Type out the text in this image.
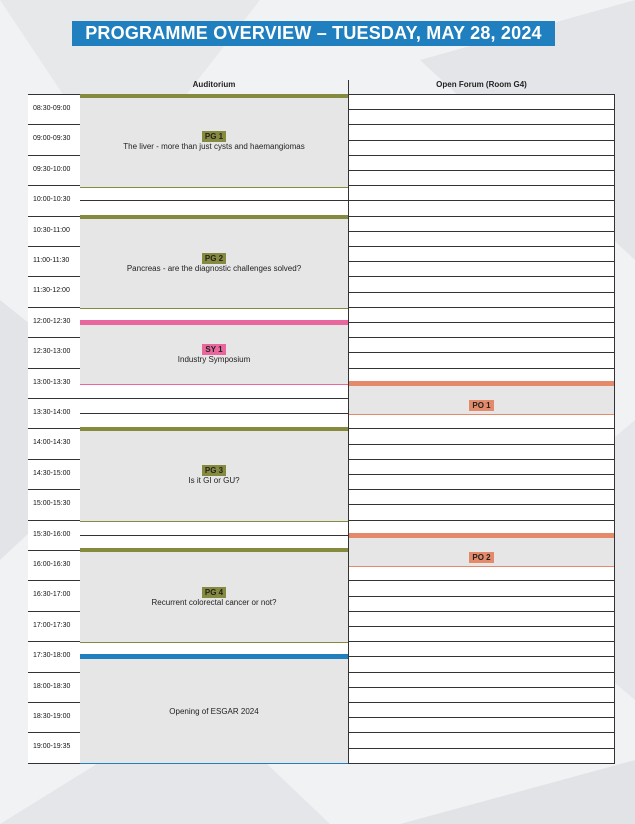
PROGRAMME OVERVIEW – TUESDAY, MAY 28, 2024
Auditorium	Open Forum (Room G4)
08:30-09:00
09:00-09:30
09:30-10:00
10:00-10:30
10:30-11:00
11:00-11:30
11:30-12:00
12:00-12:30
12:30-13:00
13:00-13:30
13:30-14:00
14:00-14:30
14:30-15:00
15:00-15:30
15:30-16:00
16:00-16:30
16:30-17:00
17:00-17:30
17:30-18:00
18:00-18:30
18:30-19:00
19:00-19:35
PG 1
The liver - more than just cysts and haemangiomas
PG 2
Pancreas - are the diagnostic challenges solved?
SY 1
Industry Symposium
PG 3
Is it GI or GU?
PG 4
Recurrent colorectal cancer or not?
Opening of ESGAR 2024
PO 1
PO 2
